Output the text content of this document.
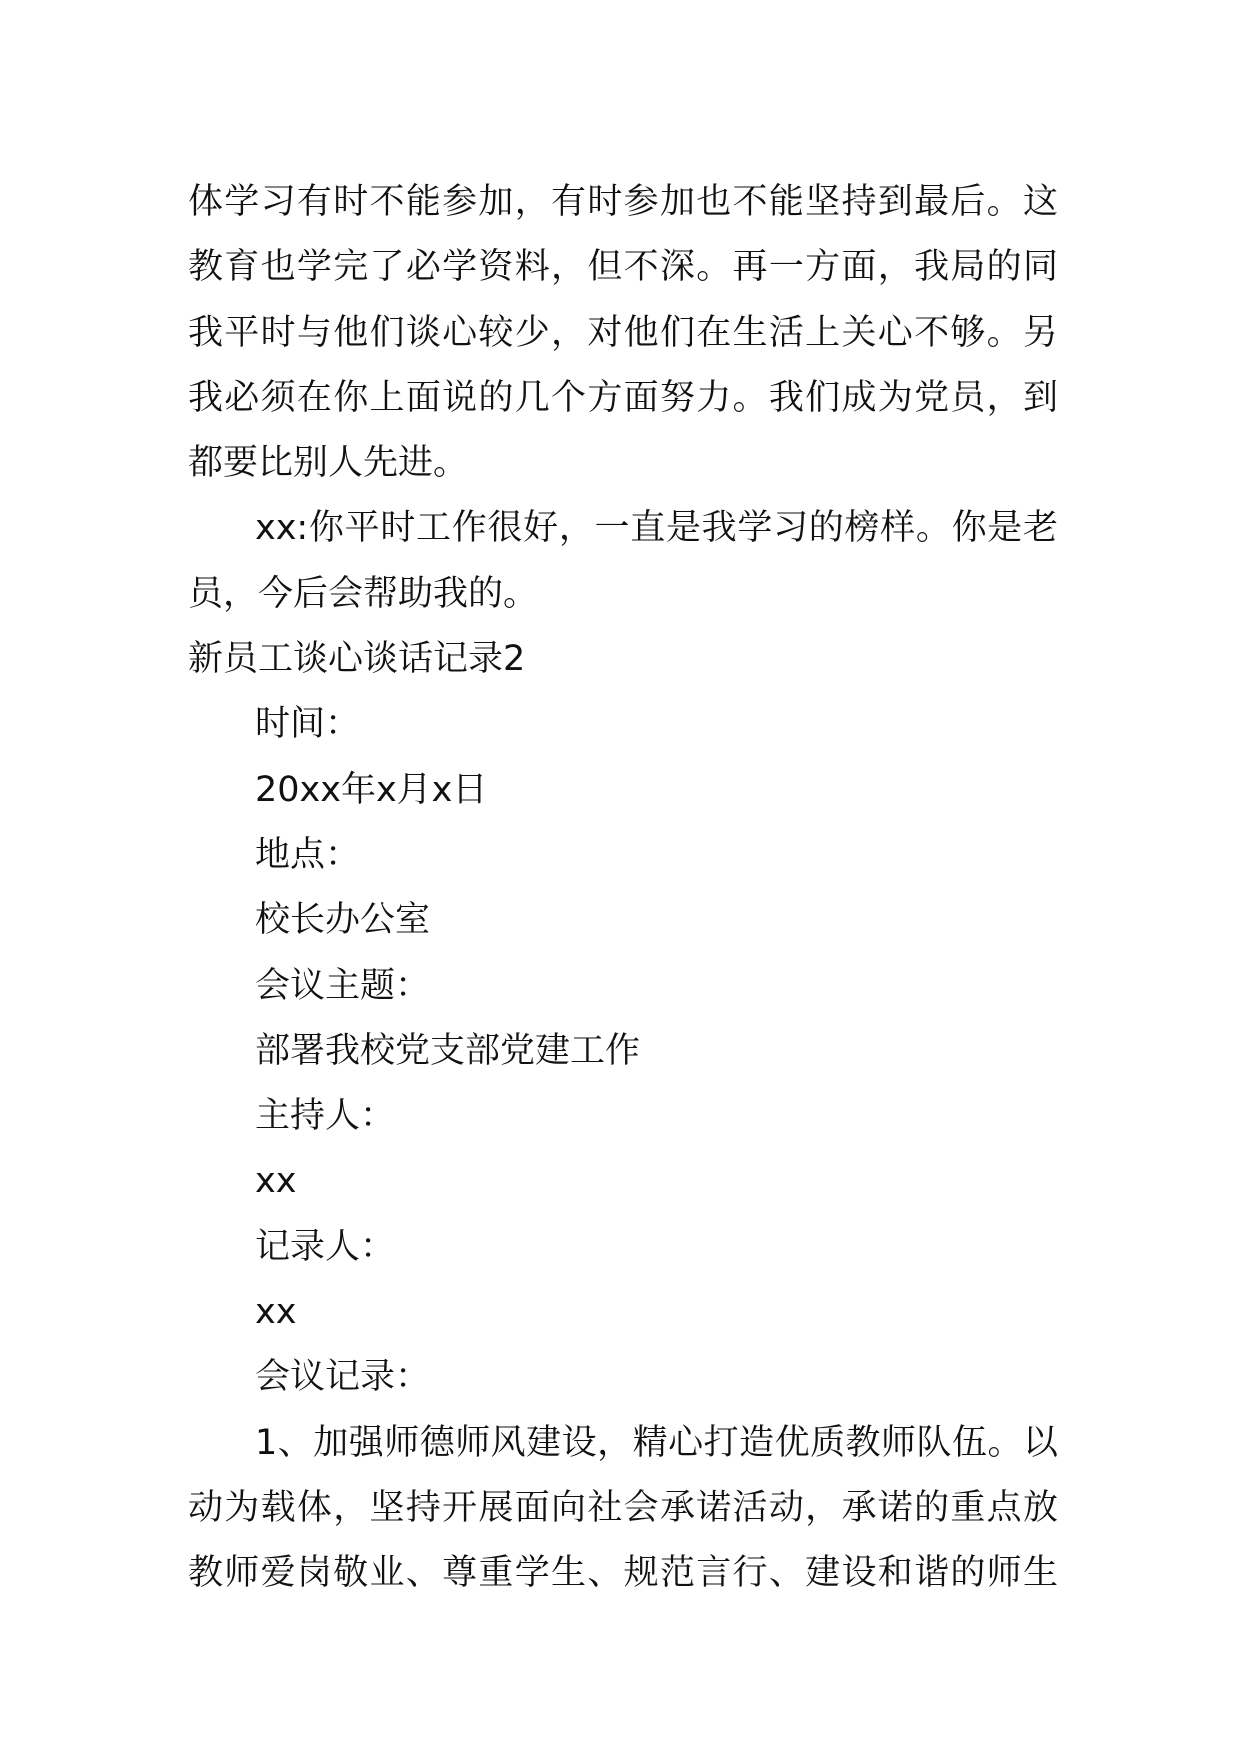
体学习有时不能参加，有时参加也不能坚持到最后。这
教育也学完了必学资料，但不深。再一方面，我局的同
我平时与他们谈心较少，对他们在生活上关心不够。另
我必须在你上面说的几个方面努力。我们成为党员，到
都要比别人先进。
xx:你平时工作很好，一直是我学习的榜样。你是老
员，今后会帮助我的。
新员工谈心谈话记录2
时间：
20xx年x月x日
地点：
校长办公室
会议主题：
部署我校党支部党建工作
主持人：
xx
记录人：
xx
会议记录：
1、加强师德师风建设，精心打造优质教师队伍。以
动为载体，坚持开展面向社会承诺活动，承诺的重点放
教师爱岗敬业、尊重学生、规范言行、建设和谐的师生
